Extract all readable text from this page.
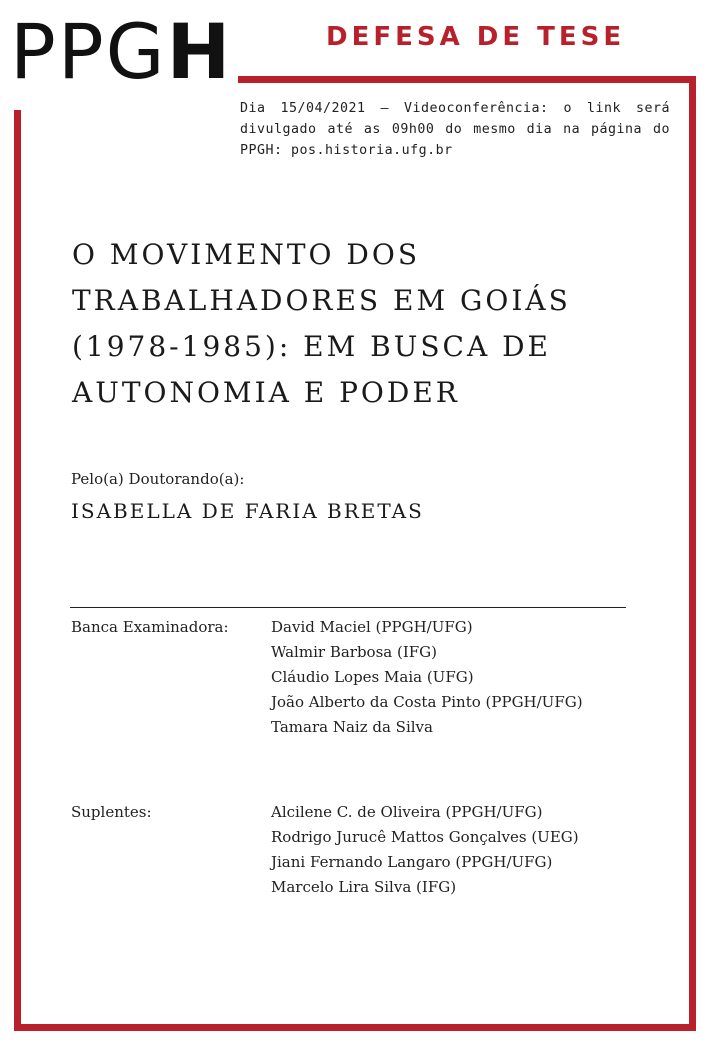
PPGH	DEFESA DE TESE
Dia 15/04/2021 – Videoconferência: o link será divulgado até as 09h00 do mesmo dia na página do PPGH: pos.historia.ufg.br
O MOVIMENTO DOS
TRABALHADORES EM GOIÁS
(1978-1985): EM BUSCA DE
AUTONOMIA E PODER
Pelo(a) Doutorando(a):
ISABELLA DE FARIA BRETAS
Banca Examinadora:	David Maciel (PPGH/UFG)
Walmir Barbosa (IFG)
Cláudio Lopes Maia (UFG)
João Alberto da Costa Pinto (PPGH/UFG)
Tamara Naiz da Silva
Suplentes:	Alcilene C. de Oliveira (PPGH/UFG)
Rodrigo Jurucê Mattos Gonçalves (UEG)
Jiani Fernando Langaro (PPGH/UFG)
Marcelo Lira Silva (IFG)
